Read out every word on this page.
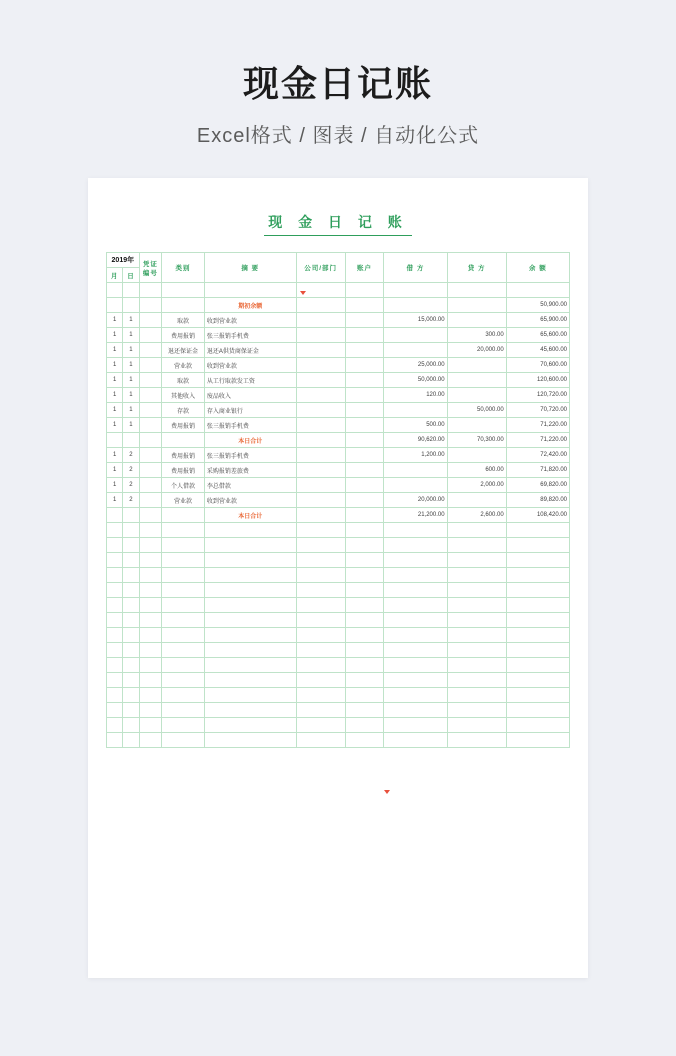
现金日记账
Excel格式 / 图表 / 自动化公式
现 金 日 记 账
2019年		凭证
编号	类别	摘 要	公司/部门	账户	借 方	贷 方	余 额
月	日								

				期初余额					50,900.00
1	1		取款	收到营业款			15,000.00		65,900.00
1	1		费用报销	张三报销手机费				300.00	65,600.00
1	1		退还保证金	退还A供货商保证金				20,000.00	45,600.00
1	1		营业款	收到营业款			25,000.00		70,600.00
1	1		取款	从工行取款发工资			50,000.00		120,600.00
1	1		其他收入	废品收入			120.00		120,720.00
1	1		存款	存入商业银行				50,000.00	70,720.00
1	1		费用报销	张三报销手机费			500.00		71,220.00
				本日合计			90,620.00	70,300.00	71,220.00
1	2		费用报销	张三报销手机费			1,200.00		72,420.00
1	2		费用报销	采购报销差旅费				600.00	71,820.00
1	2		个人借款	李总借款				2,000.00	69,820.00
1	2		营业款	收到营业款			20,000.00		89,820.00
				本日合计			21,200.00	2,600.00	108,420.00
